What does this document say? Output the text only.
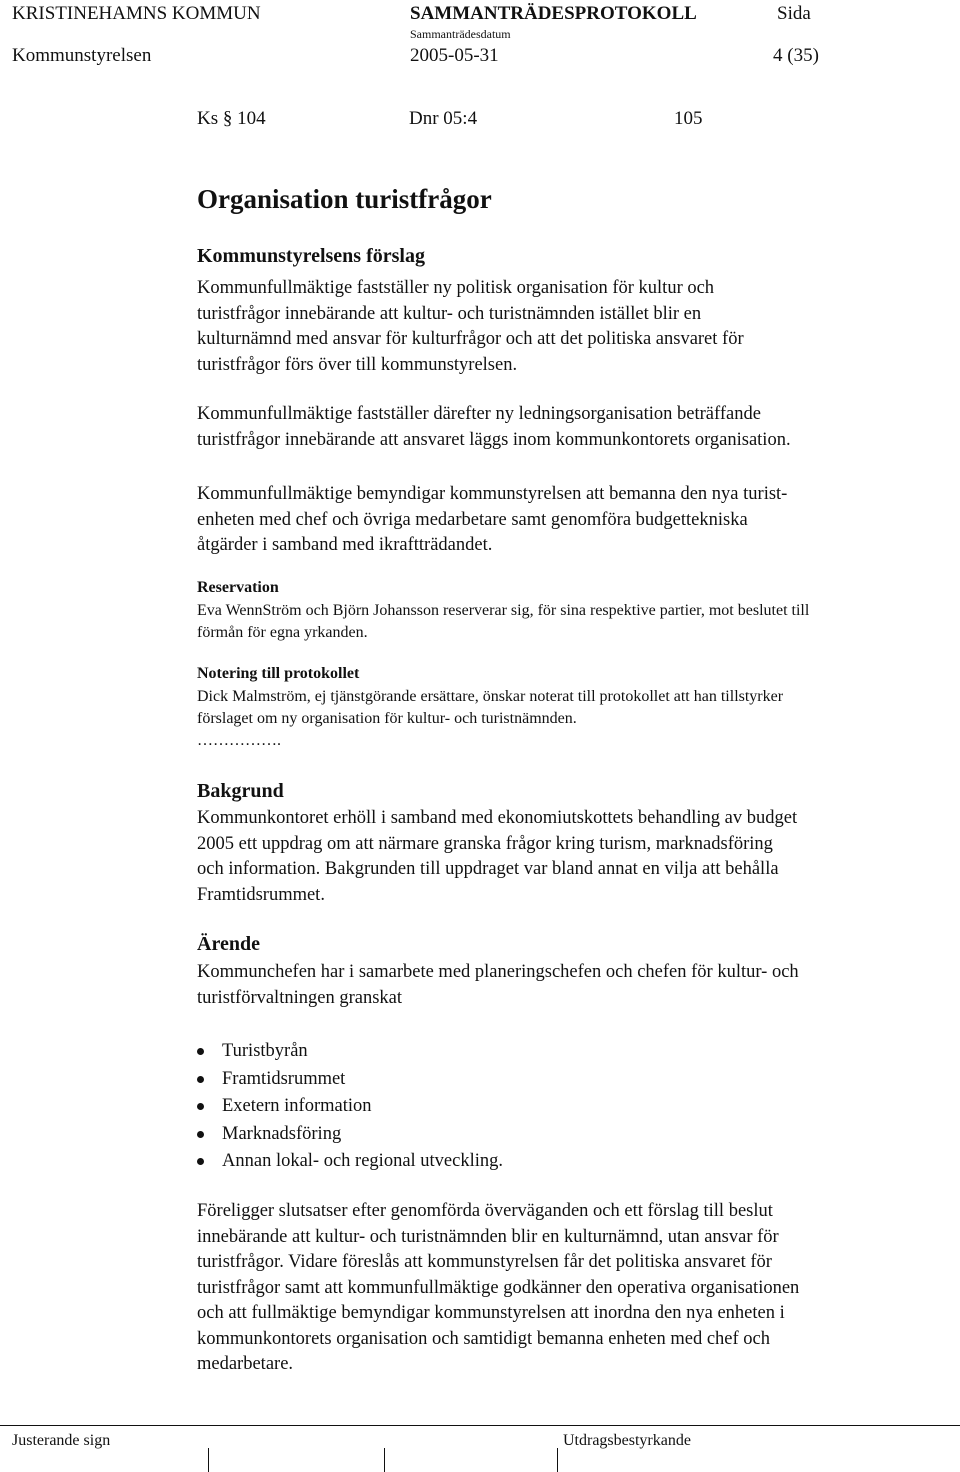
KRISTINEHAMNS KOMMUN	SAMMANTRÄDESPROTOKOLL	Sida
Sammanträdesdatum
Kommunstyrelsen	2005-05-31	4 (35)
Ks § 104	Dnr 05:4	105
Organisation turistfrågor
Kommunstyrelsens förslag
Kommunfullmäktige fastställer ny politisk organisation för kultur och
turistfrågor innebärande att kultur- och turistnämnden istället blir en
kulturnämnd med ansvar för kulturfrågor och att det politiska ansvaret för
turistfrågor förs över till kommunstyrelsen.
Kommunfullmäktige fastställer därefter ny ledningsorganisation beträffande
turistfrågor innebärande att ansvaret läggs inom kommunkontorets organisation.
Kommunfullmäktige bemyndigar kommunstyrelsen att bemanna den nya turist-
enheten med chef och övriga medarbetare samt genomföra budgettekniska
åtgärder i samband med ikraftträdandet.
Reservation
Eva WennStröm och Björn Johansson reserverar sig, för sina respektive partier, mot beslutet till
förmån för egna yrkanden.
Notering till protokollet
Dick Malmström, ej tjänstgörande ersättare, önskar noterat till protokollet att han tillstyrker
förslaget om ny organisation för kultur- och turistnämnden.
…………….
Bakgrund
Kommunkontoret erhöll i samband med ekonomiutskottets behandling av budget
2005 ett uppdrag om att närmare granska frågor kring turism, marknadsföring
och information. Bakgrunden till uppdraget var bland annat en vilja att behålla
Framtidsrummet.
Ärende
Kommunchefen har i samarbete med planeringschefen och chefen för kultur- och
turistförvaltningen granskat
Turistbyrån
Framtidsrummet
Exetern information
Marknadsföring
Annan lokal- och regional utveckling.
Föreligger slutsatser efter genomförda överväganden och ett förslag till beslut
innebärande att kultur- och turistnämnden blir en kulturnämnd, utan ansvar för
turistfrågor. Vidare föreslås att kommunstyrelsen får det politiska ansvaret för
turistfrågor samt att kommunfullmäktige godkänner den operativa organisationen
och att fullmäktige bemyndigar kommunstyrelsen att inordna den nya enheten i
kommunkontorets organisation och samtidigt bemanna enheten med chef och
medarbetare.
Justerande sign	Utdragsbestyrkande
